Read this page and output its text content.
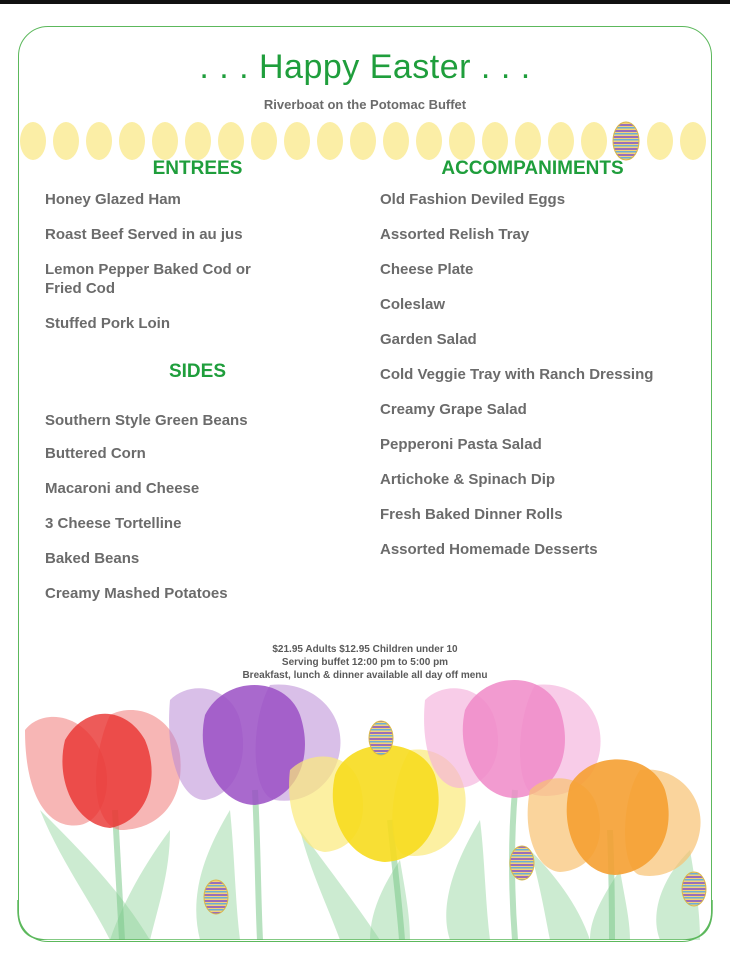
. . . Happy Easter . . .
Riverboat on the Potomac Buffet
ENTREES	ACCOMPANIMENTS
SIDES
Honey Glazed Ham
Roast Beef Served in au jus
Lemon Pepper Baked Cod or
Fried Cod
Stuffed Pork Loin
Southern Style Green Beans
Buttered Corn
Macaroni and Cheese
3 Cheese Tortelline
Baked Beans
Creamy Mashed Potatoes
Old Fashion Deviled Eggs
Assorted Relish Tray
Cheese Plate
Coleslaw
Garden Salad
Cold Veggie Tray with Ranch Dressing
Creamy Grape Salad
Pepperoni Pasta Salad
Artichoke & Spinach Dip
Fresh Baked Dinner Rolls
Assorted Homemade Desserts
$21.95 Adults $12.95 Children under 10
Serving buffet 12:00 pm to 5:00 pm
Breakfast, lunch & dinner available all day off menu
